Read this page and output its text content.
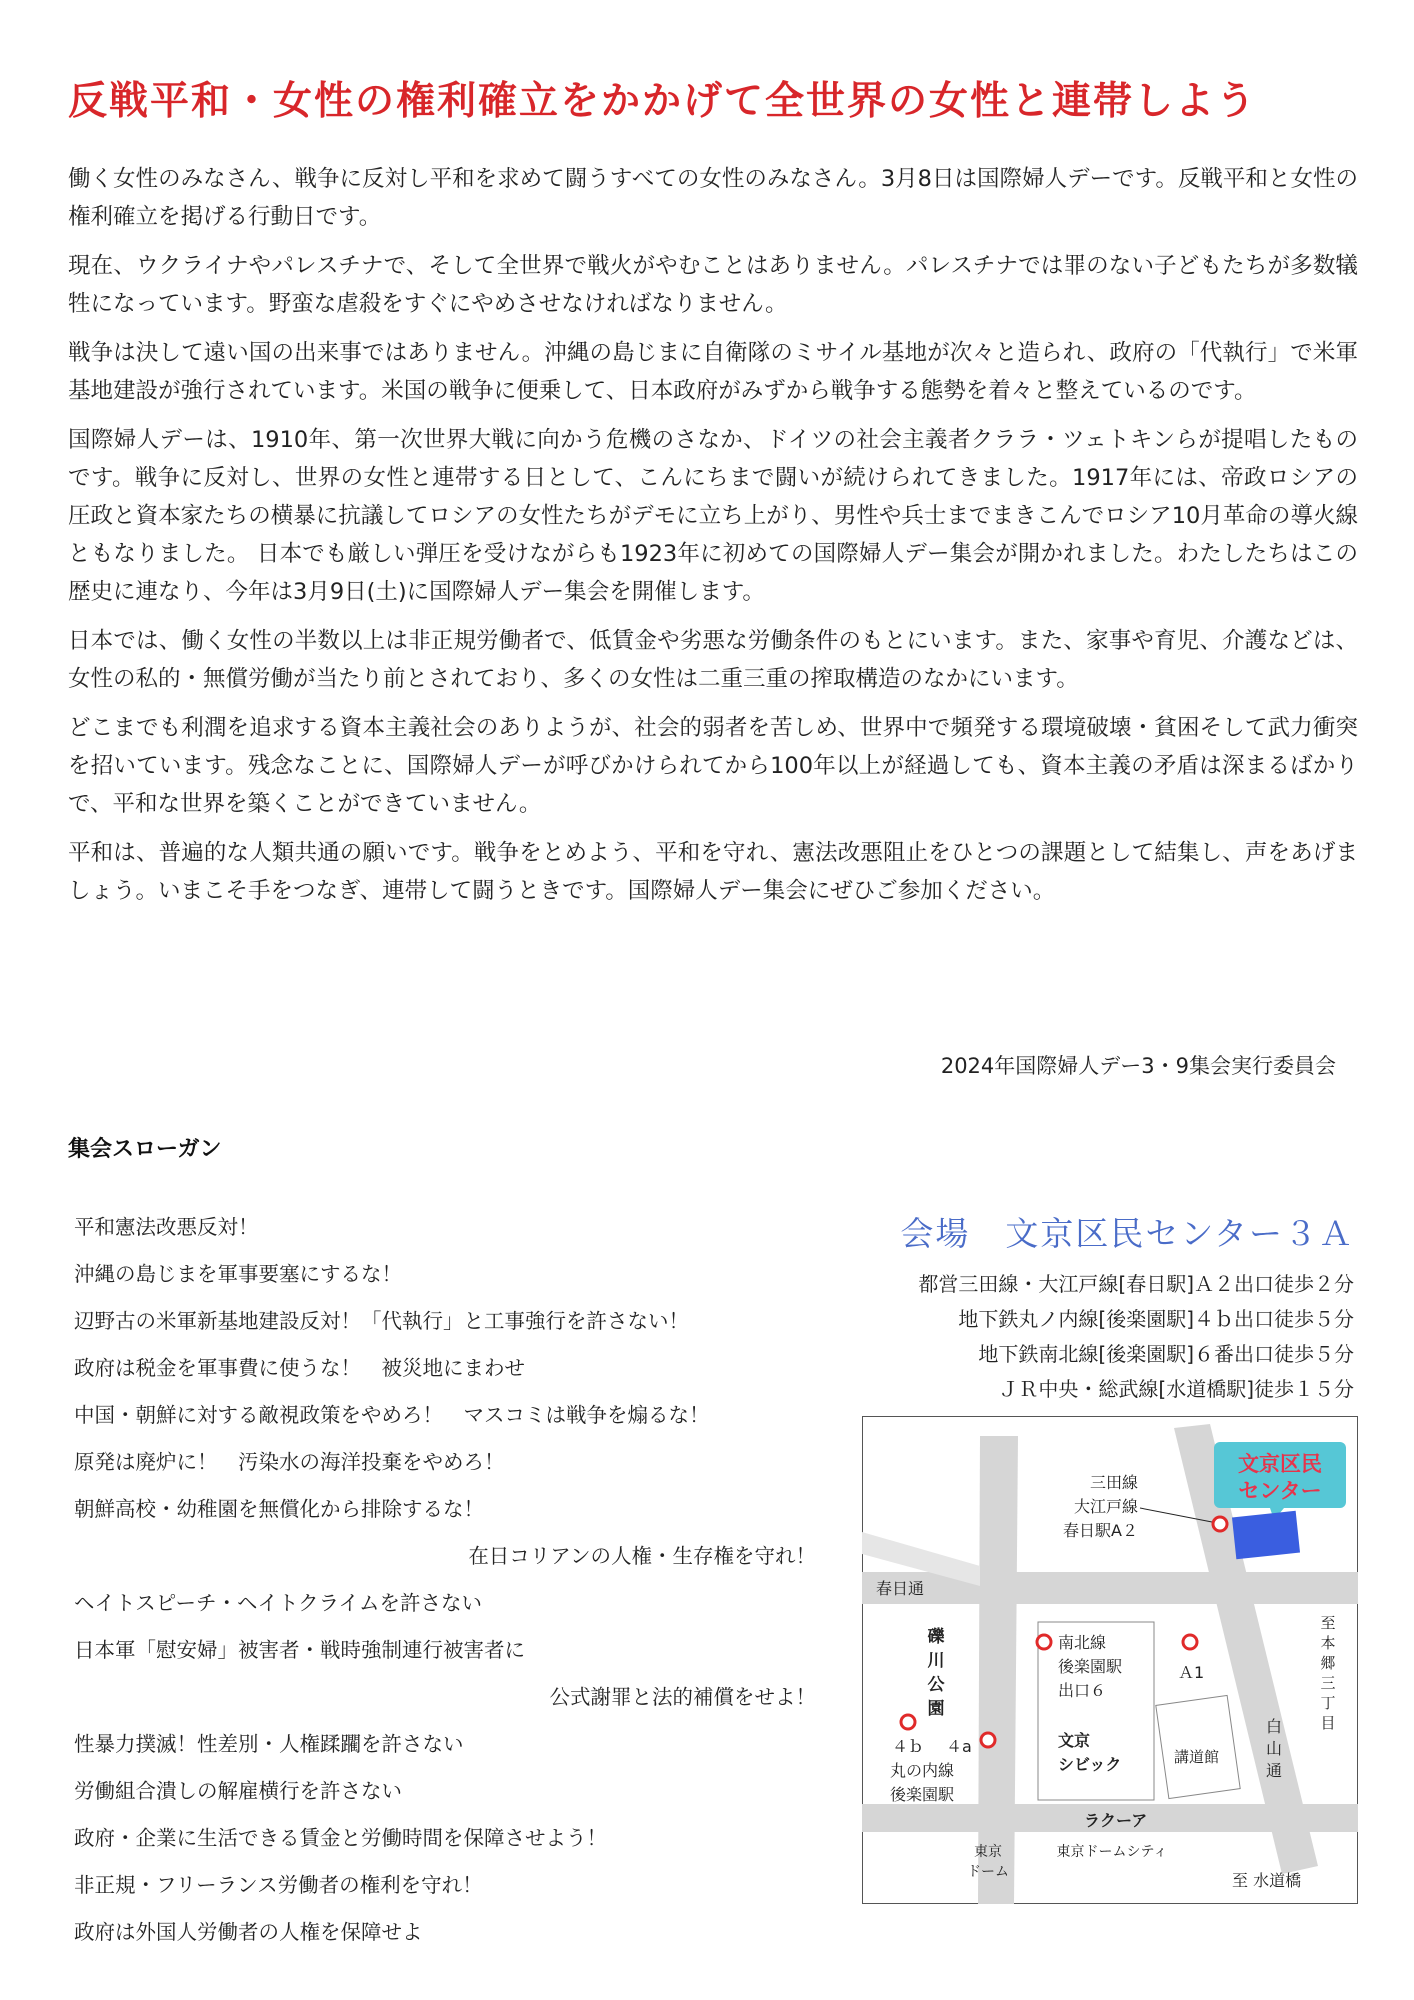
反戦平和・女性の権利確立をかかげて全世界の女性と連帯しよう

働く女性のみなさん、戦争に反対し平和を求めて闘うすべての女性のみなさん。3月8日は国際婦人デーです。反戦平和と女性の権利確立を掲げる行動日です。

現在、ウクライナやパレスチナで、そして全世界で戦火がやむことはありません。パレスチナでは罪のない子どもたちが多数犠牲になっています。野蛮な虐殺をすぐにやめさせなければなりません。

戦争は決して遠い国の出来事ではありません。沖縄の島じまに自衛隊のミサイル基地が次々と造られ、政府の「代執行」で米軍基地建設が強行されています。米国の戦争に便乗して、日本政府がみずから戦争する態勢を着々と整えているのです。

国際婦人デーは、1910年、第一次世界大戦に向かう危機のさなか、ドイツの社会主義者クララ・ツェトキンらが提唱したものです。戦争に反対し、世界の女性と連帯する日として、こんにちまで闘いが続けられてきました。1917年には、帝政ロシアの圧政と資本家たちの横暴に抗議してロシアの女性たちがデモに立ち上がり、男性や兵士までまきこんでロシア10月革命の導火線ともなりました。 日本でも厳しい弾圧を受けながらも1923年に初めての国際婦人デー集会が開かれました。わたしたちはこの歴史に連なり、今年は3月9日(土)に国際婦人デー集会を開催します。

日本では、働く女性の半数以上は非正規労働者で、低賃金や劣悪な労働条件のもとにいます。また、家事や育児、介護などは、女性の私的・無償労働が当たり前とされており、多くの女性は二重三重の搾取構造のなかにいます。

どこまでも利潤を追求する資本主義社会のありようが、社会的弱者を苦しめ、世界中で頻発する環境破壊・貧困そして武力衝突を招いています。残念なことに、国際婦人デーが呼びかけられてから100年以上が経過しても、資本主義の矛盾は深まるばかりで、平和な世界を築くことができていません。

平和は、普遍的な人類共通の願いです。戦争をとめよう、平和を守れ、憲法改悪阻止をひとつの課題として結集し、声をあげましょう。いまこそ手をつなぎ、連帯して闘うときです。国際婦人デー集会にぜひご参加ください。

2024年国際婦人デー3・9集会実行委員会
集会スローガン
平和憲法改悪反対！
沖縄の島じまを軍事要塞にするな！
辺野古の米軍新基地建設反対！「代執行」と工事強行を許さない！
政府は税金を軍事費に使うな！　被災地にまわせ
中国・朝鮮に対する敵視政策をやめろ！　マスコミは戦争を煽るな！
原発は廃炉に！　汚染水の海洋投棄をやめろ！
朝鮮高校・幼稚園を無償化から排除するな！
在日コリアンの人権・生存権を守れ！
ヘイトスピーチ・ヘイトクライムを許さない
日本軍「慰安婦」被害者・戦時強制連行被害者に
公式謝罪と法的補償をせよ！
性暴力撲滅！性差別・人権蹂躙を許さない
労働組合潰しの解雇横行を許さない
政府・企業に生活できる賃金と労働時間を保障させよう！
非正規・フリーランス労働者の権利を守れ！
政府は外国人労働者の人権を保障せよ
会場　文京区民センター３Ａ
都営三田線・大江戸線[春日駅]Ａ２出口徒歩２分
地下鉄丸ノ内線[後楽園駅]４ｂ出口徒歩５分
地下鉄南北線[後楽園駅]６番出口徒歩５分
ＪＲ中央・総武線[水道橋駅]徒歩１５分
文京区民
センター
三田線
大江戸線
春日駅A２
春日通
礫
川
公
園
南北線
後楽園駅
出口６
Ａ1
４ｂ ４a
丸の内線
後楽園駅
文京
シビック	講道館
白
山
通
至
本
郷
三
丁
目
ラクーア
東京
ドーム
東京ドームシティ
至 水道橋
